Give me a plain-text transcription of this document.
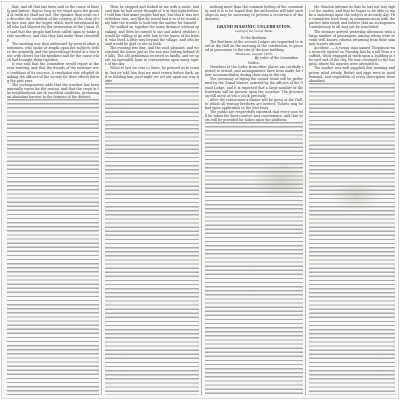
that, and all that has been said in the cause of liberty and justice, that so long as we stand upon the ground of truth we shall not fail. The speaker then went on to describe the condition of the country at the close of the late war, and the hopes which were entertained by all who had labored for the restoration of the Union. He said that the people had been called upon to make great sacrifices, and that they had made them cheerfully.
The meeting was then addressed by several other gentlemen, who spoke at length upon the subjects before the assembly, and the proceedings closed at a late hour with cheers for the speakers and for the cause which had brought them together.
It was said that the committee would report at the next meeting, and that the friends of the measure were confident of its success. A resolution was adopted thanking the officers of the society for their efforts during the past year.
The correspondent adds that the weather has been unusually warm for the season, and that the crops in the neighborhood are in excellent condition, promising an abundant harvest to the farmers of the district.
Then he stopped and looked at me with a smile, and said that he had never thought of it in that light before. I told him that many people had not, but that it was nevertheless true, and that he would find it so if he would only take the trouble to look into the matter for himself.
We walked on together for some distance without speaking, and then he turned to me and asked whether I would be willing to go with him to the house of his friend, who lived a little way beyond the village, and who he said would be glad to see us both.
The evening was fine, and the road pleasant, and we reached the house just as the sun was setting behind the hills. The old gentleman received us kindly, and we spent an agreeable hour in conversation upon many topics of the day.
When at last we rose to leave, he pressed us to remain, but we told him that we must return before dark, and so bidding him good night we set out upon our way home.
nothing more than the common feeling of the community, and it is to be hoped that the authorities will take such steps as may be necessary to prevent a recurrence of the disorder.
GRAND MASONIC CELEBRATION.
Laying of the Corner Stone.
To the Brethren.
The Brethren of the several Lodges are requested to meet at the Hall on the morning of the celebration, to proceed in procession to the site of the new building.
Montreal, August 1876.
By order of the Committee.
Notice.
Members of the Order from other places are cordially invited to attend, and arrangements have been made for their accommodation during their stay in the city.
The ceremony of laying the corner stone will be performed by the Grand Master, assisted by the officers of the Grand Lodge, and it is expected that a large number of the fraternity will be present upon the occasion. The procession will move at ten o'clock precisely.
After the ceremonies a dinner will be given at the Hall, to which all visiting brethren are invited. Tickets may be had upon application to the Secretary.
The public are respectfully informed that every care will be taken for their comfort and convenience, and that seats will be provided for ladies upon the platform.
Mr. Stanton informs us that he has not lost sight of the matter, and that he hopes to be able to make a statement upon the subject at an early day. The committee have been in communication with the parties interested, and believe that an arrangement satisfactory to all may yet be concluded.
The steamer arrived yesterday afternoon with a large number of passengers, among whom were several well known citizens returning from their summer travels abroad.
Accident. — A young man named Thompson was severely injured on Tuesday last by a fall from a scaffold, while engaged at work upon a building in the east end of the city. He was conveyed to the hospital, where his injuries were attended to.
The market was well supplied this morning and prices ruled steady. Butter and eggs were in good demand, and vegetables of every description were abundant.
